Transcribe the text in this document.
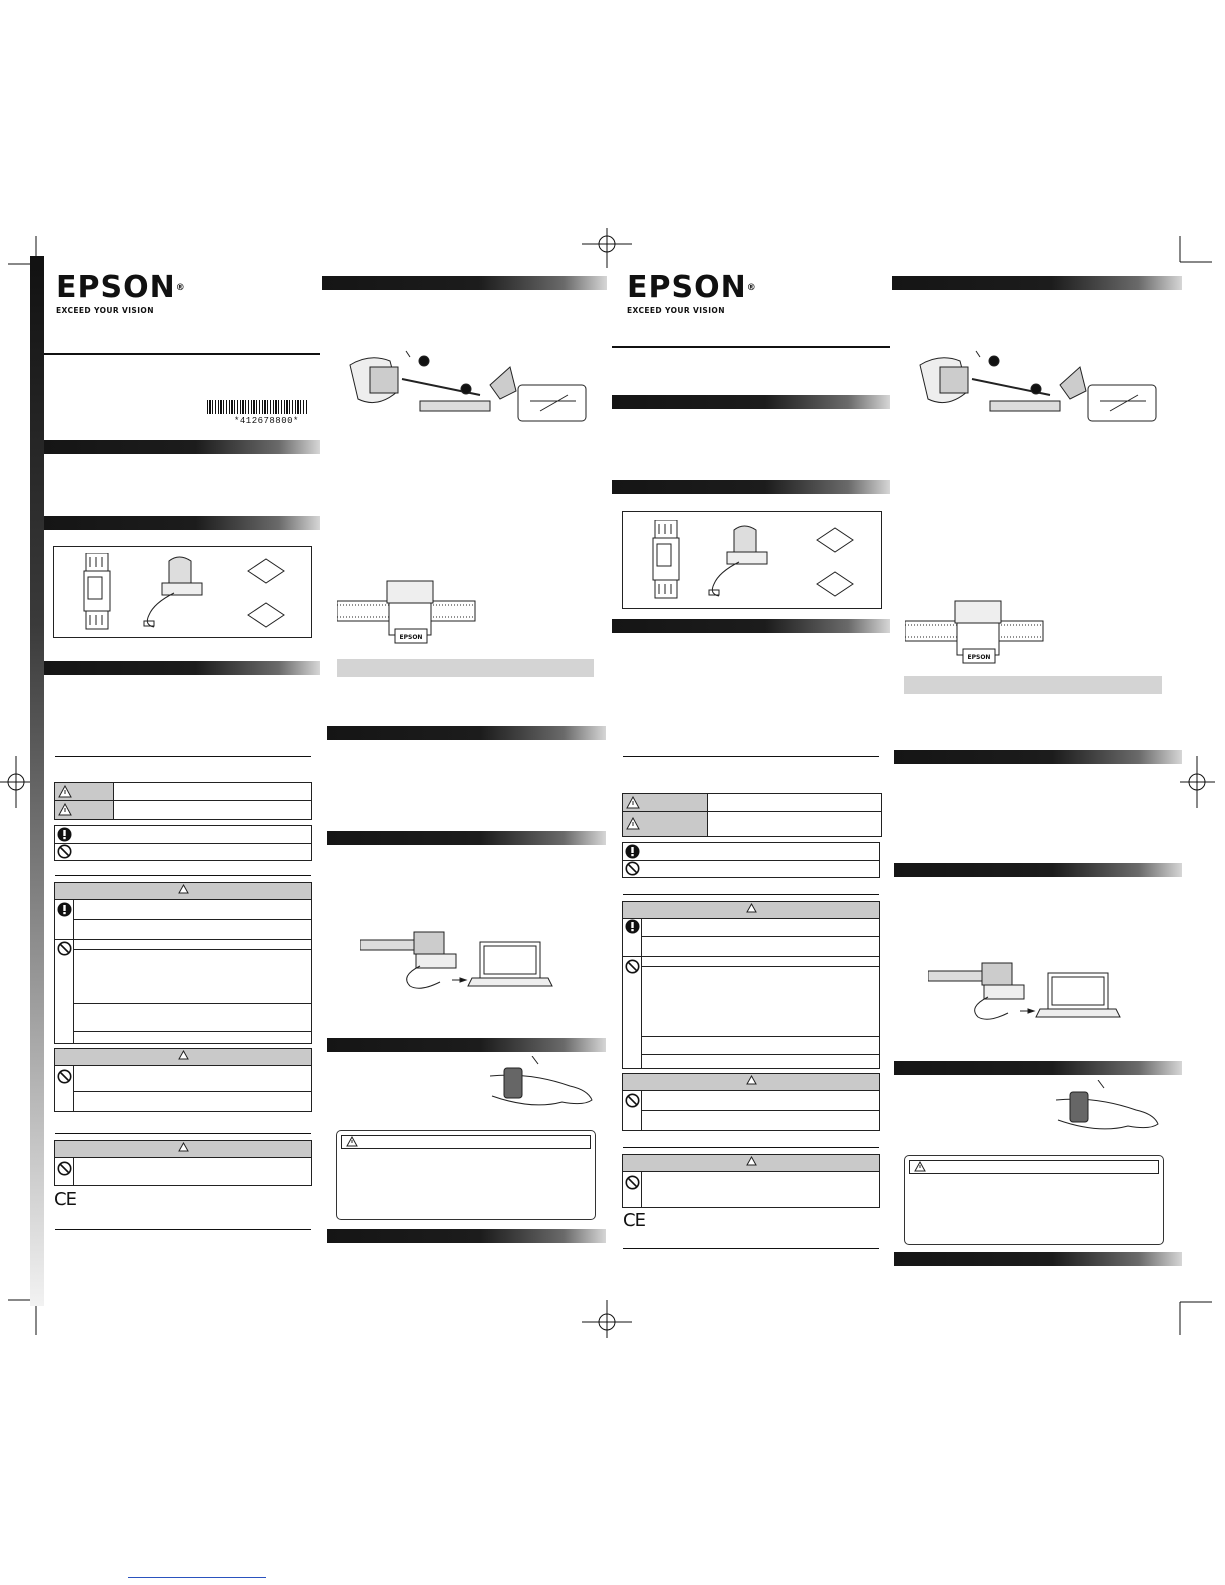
EPSON®
EXCEED YOUR VISION
*412678800*
CE
EPSON
EPSON®
EXCEED YOUR VISION
CE
EPSON
